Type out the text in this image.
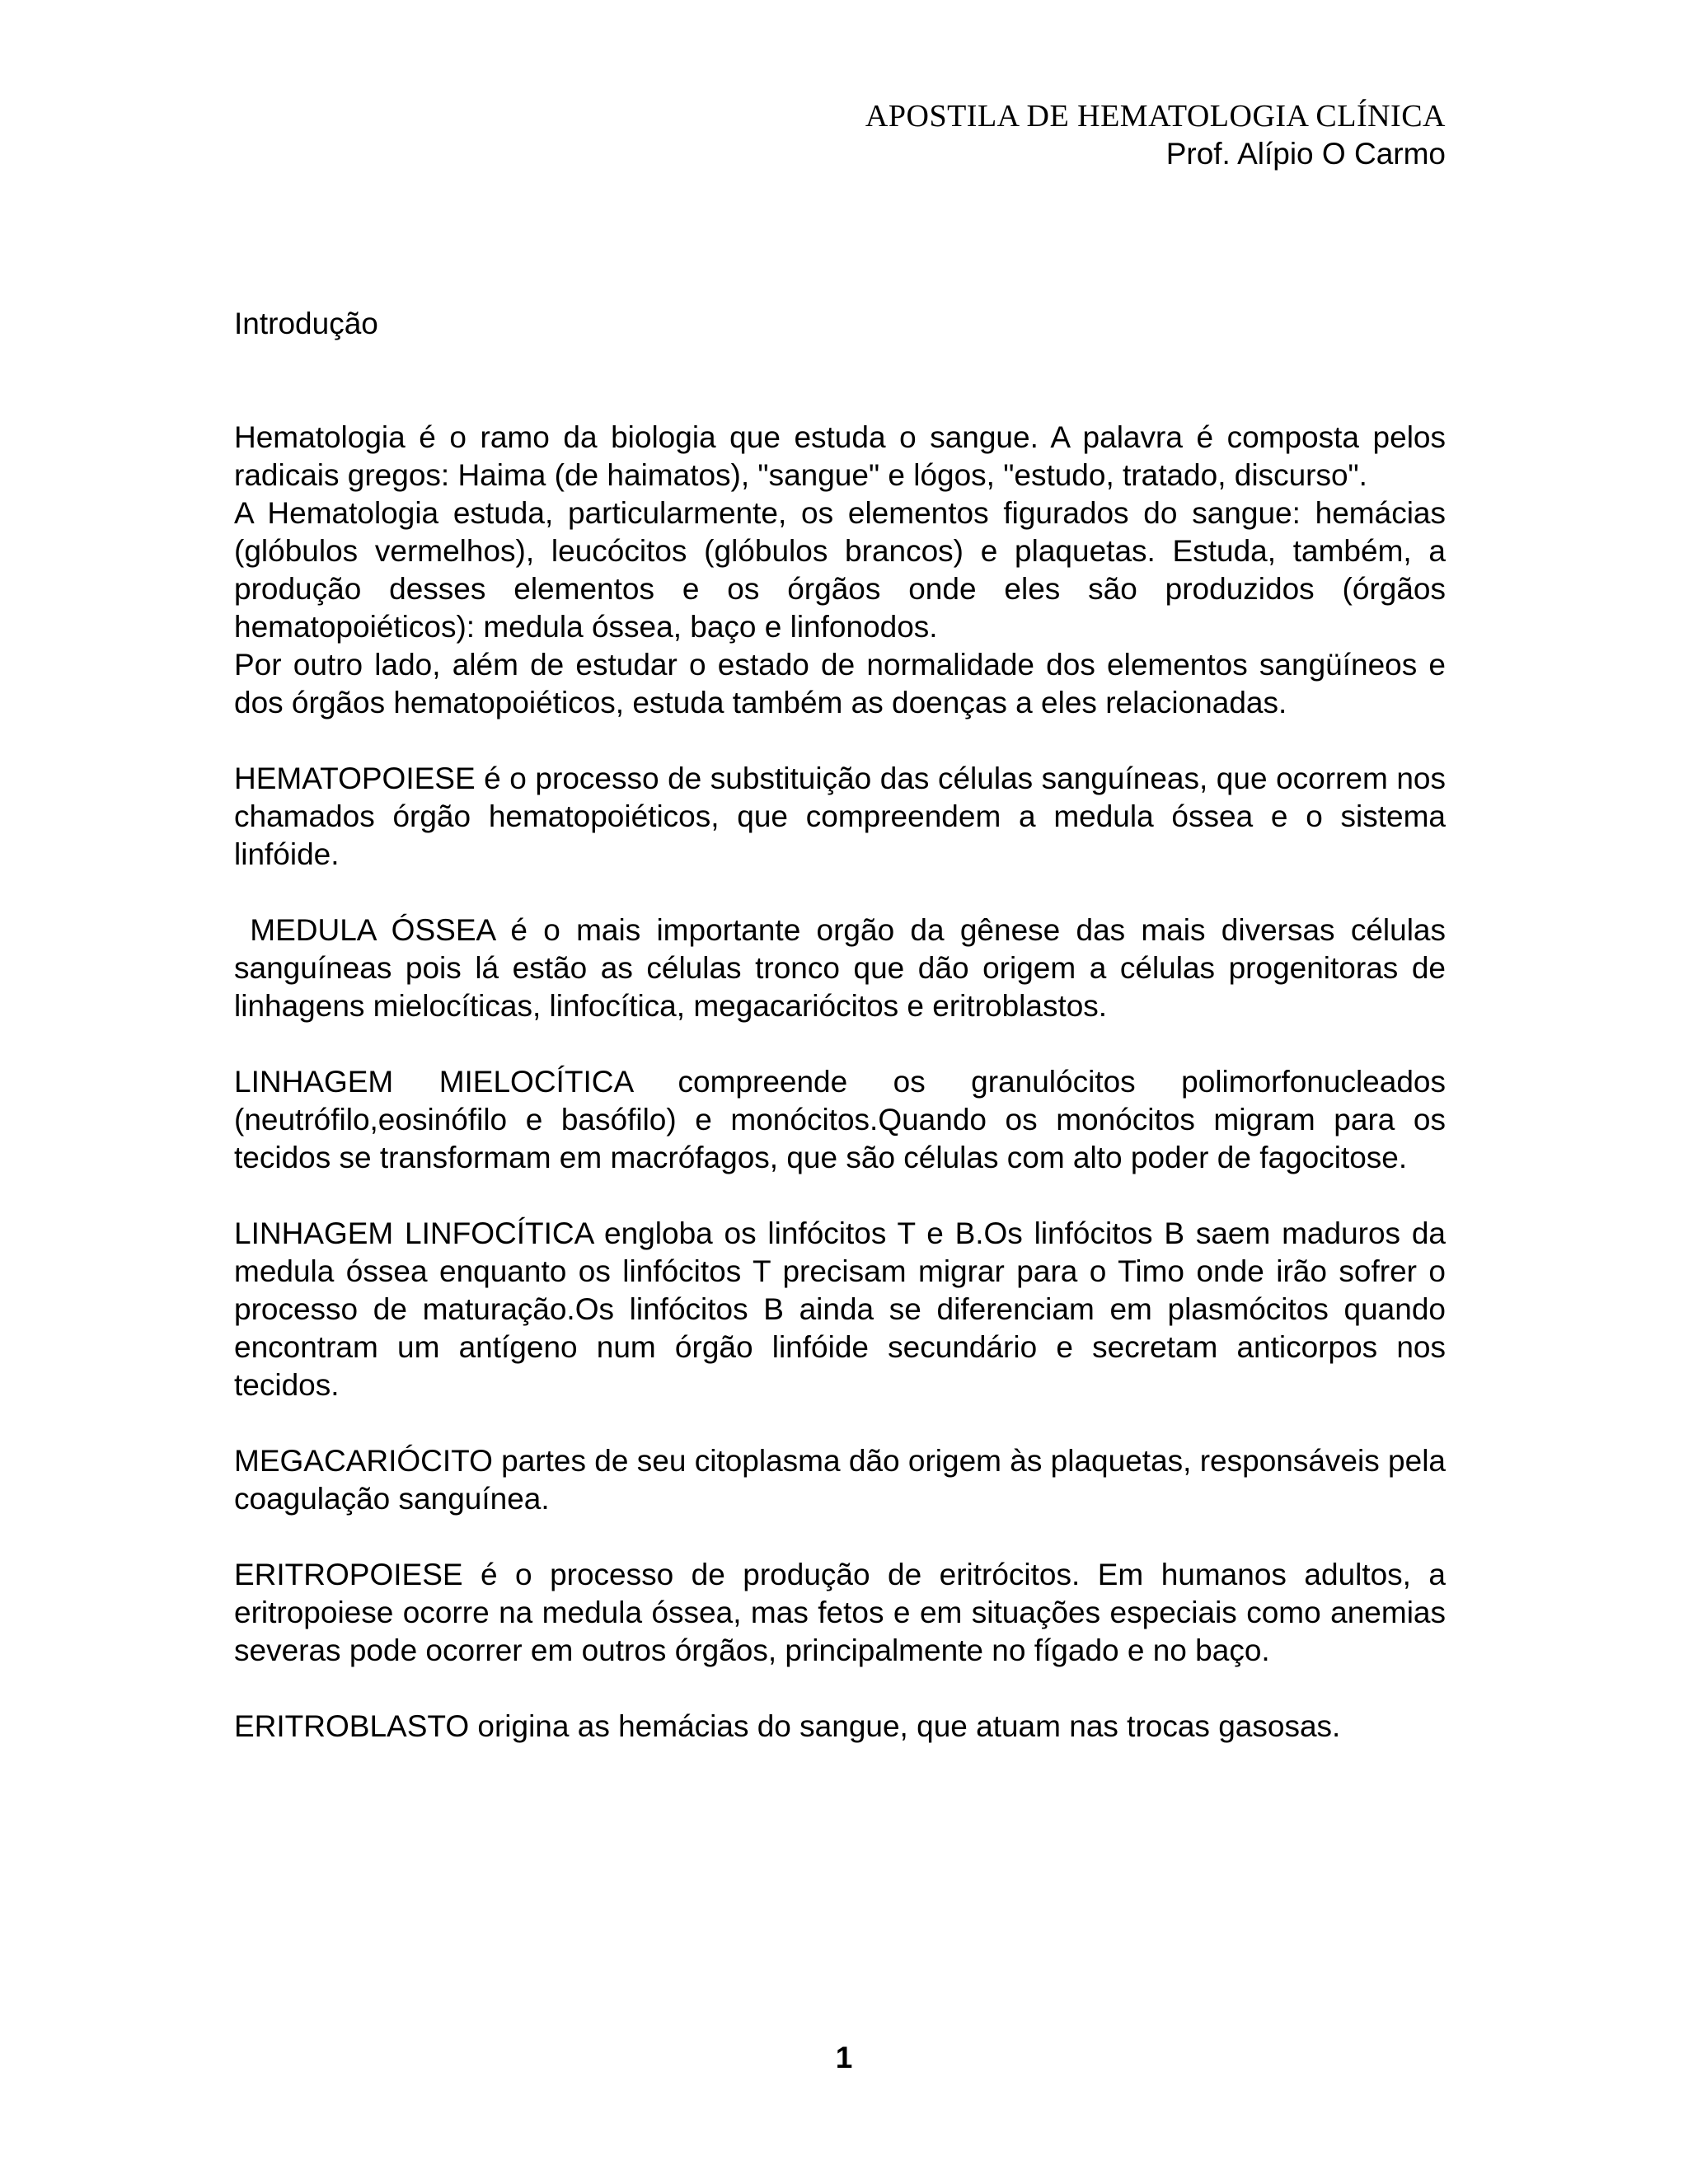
APOSTILA DE HEMATOLOGIA CLÍNICA
Prof. Alípio O Carmo
Introdução

Hematologia é o ramo da biologia que estuda o sangue. A palavra é composta pelos radicais gregos: Haima (de haimatos), "sangue" e lógos, "estudo, tratado, discurso".

A Hematologia estuda, particularmente, os elementos figurados do sangue: hemácias (glóbulos vermelhos), leucócitos (glóbulos brancos) e plaquetas. Estuda, também, a produção desses elementos e os órgãos onde eles são produzidos (órgãos hematopoiéticos): medula óssea, baço e linfonodos.

Por outro lado, além de estudar o estado de normalidade dos elementos sangüíneos e dos órgãos hematopoiéticos, estuda também as doenças a eles relacionadas.

HEMATOPOIESE é o processo de substituição das células sanguíneas, que ocorrem nos chamados órgão hematopoiéticos, que compreendem a medula óssea e o sistema linfóide.

MEDULA ÓSSEA é o mais importante orgão da gênese das mais diversas células sanguíneas pois lá estão as células tronco que dão origem a células progenitoras de linhagens mielocíticas, linfocítica, megacariócitos e eritroblastos.

LINHAGEM MIELOCÍTICA compreende os granulócitos polimorfonucleados (neutrófilo,eosinófilo e basófilo) e monócitos.Quando os monócitos migram para os tecidos se transformam em macrófagos, que são células com alto poder de fagocitose.

LINHAGEM LINFOCÍTICA engloba os linfócitos T e B.Os linfócitos B saem maduros da medula óssea enquanto os linfócitos T precisam migrar para o Timo onde irão sofrer o processo de maturação.Os linfócitos B ainda se diferenciam em plasmócitos quando encontram um antígeno num órgão linfóide secundário e secretam anticorpos nos tecidos.

MEGACARIÓCITO partes de seu citoplasma dão origem às plaquetas, responsáveis pela coagulação sanguínea.

ERITROPOIESE é o processo de produção de eritrócitos. Em humanos adultos, a eritropoiese ocorre na medula óssea, mas fetos e em situações especiais como anemias severas pode ocorrer em outros órgãos, principalmente no fígado e no baço.

ERITROBLASTO origina as hemácias do sangue, que atuam nas trocas gasosas.

1
